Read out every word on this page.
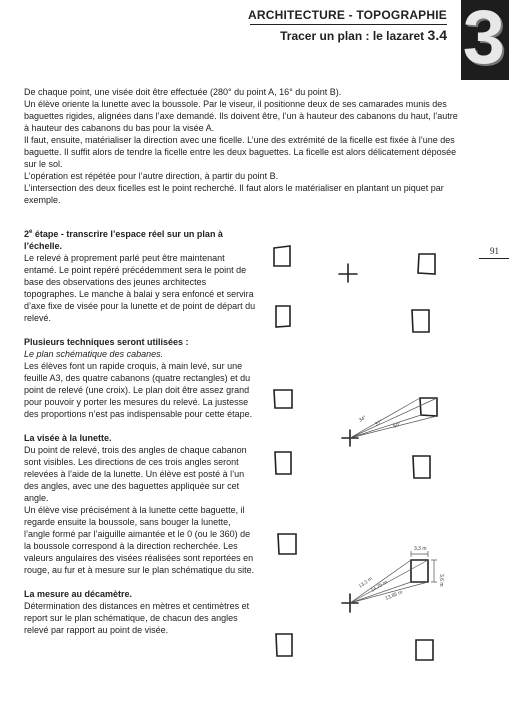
3
ARCHITECTURE - TOPOGRAPHIE
Tracer un plan : le lazaret 3.4
91

De chaque point, une visée doit être effectuée (280° du point A, 16° du point B).

Un élève oriente la lunette avec la boussole. Par le viseur, il positionne deux de ses camarades munis des baguettes rigides, alignées dans l’axe demandé. Ils doivent être, l’un à hauteur des cabanons du haut, l’autre à hauteur des cabanons du bas pour la visée A.

Il faut, ensuite, matérialiser la direction avec une ficelle. L’une des extrémité de la ficelle est fixée à l’une des baguette. Il suffit alors de tendre la ficelle entre les deux baguettes. La ficelle est alors délicatement déposée sur le sol.

L’opération est répétée pour l’autre direction, à partir du point B.

L’intersection des deux ficelles est le point recherché. Il faut alors le matérialiser en plantant un piquet par exemple.

2e étape - transcrire l’espace réel sur un plan à l’échelle.

Le relevé à proprement parlé peut être maintenant entamé. Le point repéré précédemment sera le point de base des observations des jeunes architectes topographes. Le manche à balai y sera enfoncé et servira d’axe fixe de visée pour la lunette et de point de départ du relevé.

Plusieurs techniques seront utilisées :

Le plan schématique des cabanes.

Les élèves font un rapide croquis, à main levé, sur une feuille A3, des quatre cabanons (quatre rectangles) et du point de relevé (une croix). Le plan doit être assez grand pour pouvoir y porter les mesures du relevé. La justesse des proportions n’est pas indispensable pour cette étape.

La visée à la lunette.

Du point de relevé, trois des angles de chaque cabanon sont visibles. Les directions de ces trois angles seront relevées à l’aide de la lunette. Un élève est posté à l’un des angles, avec une des baguettes appliquée sur cet angle.

Un élève vise précisément à la lunette cette baguette, il regarde ensuite la boussole, sans bouger la lunette, l’angle formé par l’aiguille aimantée et le 0 (ou le 360) de la boussole correspond à la direction recherchée. Les valeurs angulaires des visées réalisées sont reportées en rouge, au fur et à mesure sur le plan schématique du site.

La mesure au décamètre.

Détermination des distances en mètres et centimètres et report sur le plan schématique, de chacun des angles relevé par rapport au point de visée.

34° 37° 50°
3,3 m
3,6 m
13,2 m
14,75 m
13,85 m
